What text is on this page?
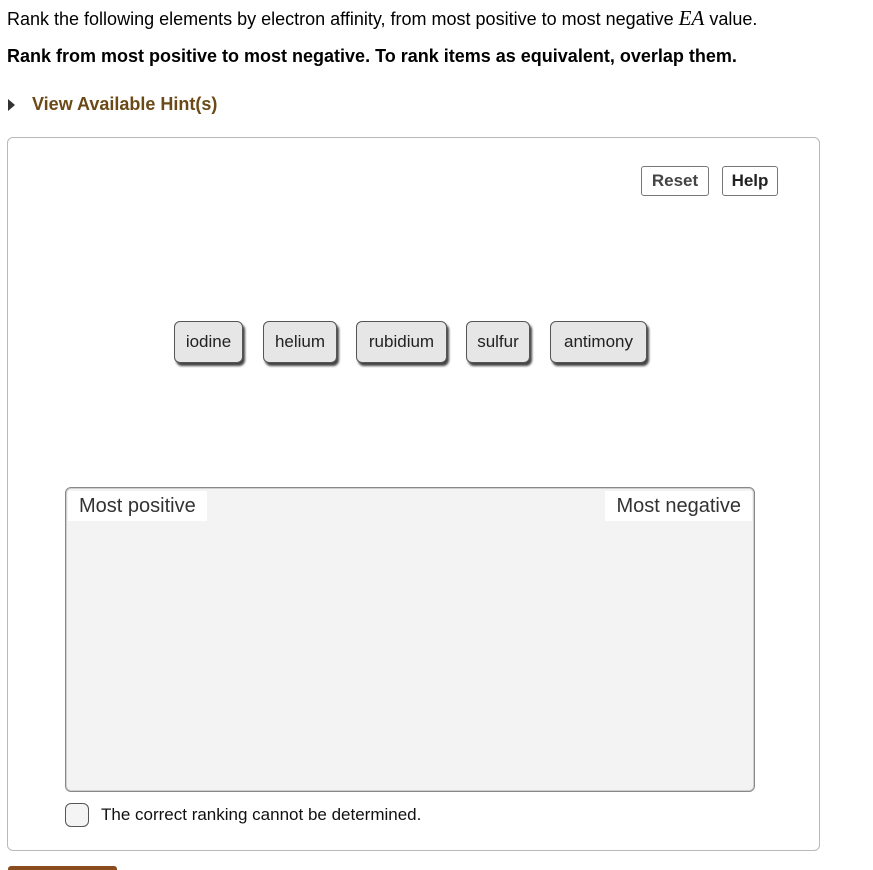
Rank the following elements by electron affinity, from most positive to most negative EA value.
Rank from most positive to most negative. To rank items as equivalent, overlap them.
View Available Hint(s)
Reset	Help
iodine	helium	rubidium	sulfur	antimony
Most positive	Most negative
The correct ranking cannot be determined.
